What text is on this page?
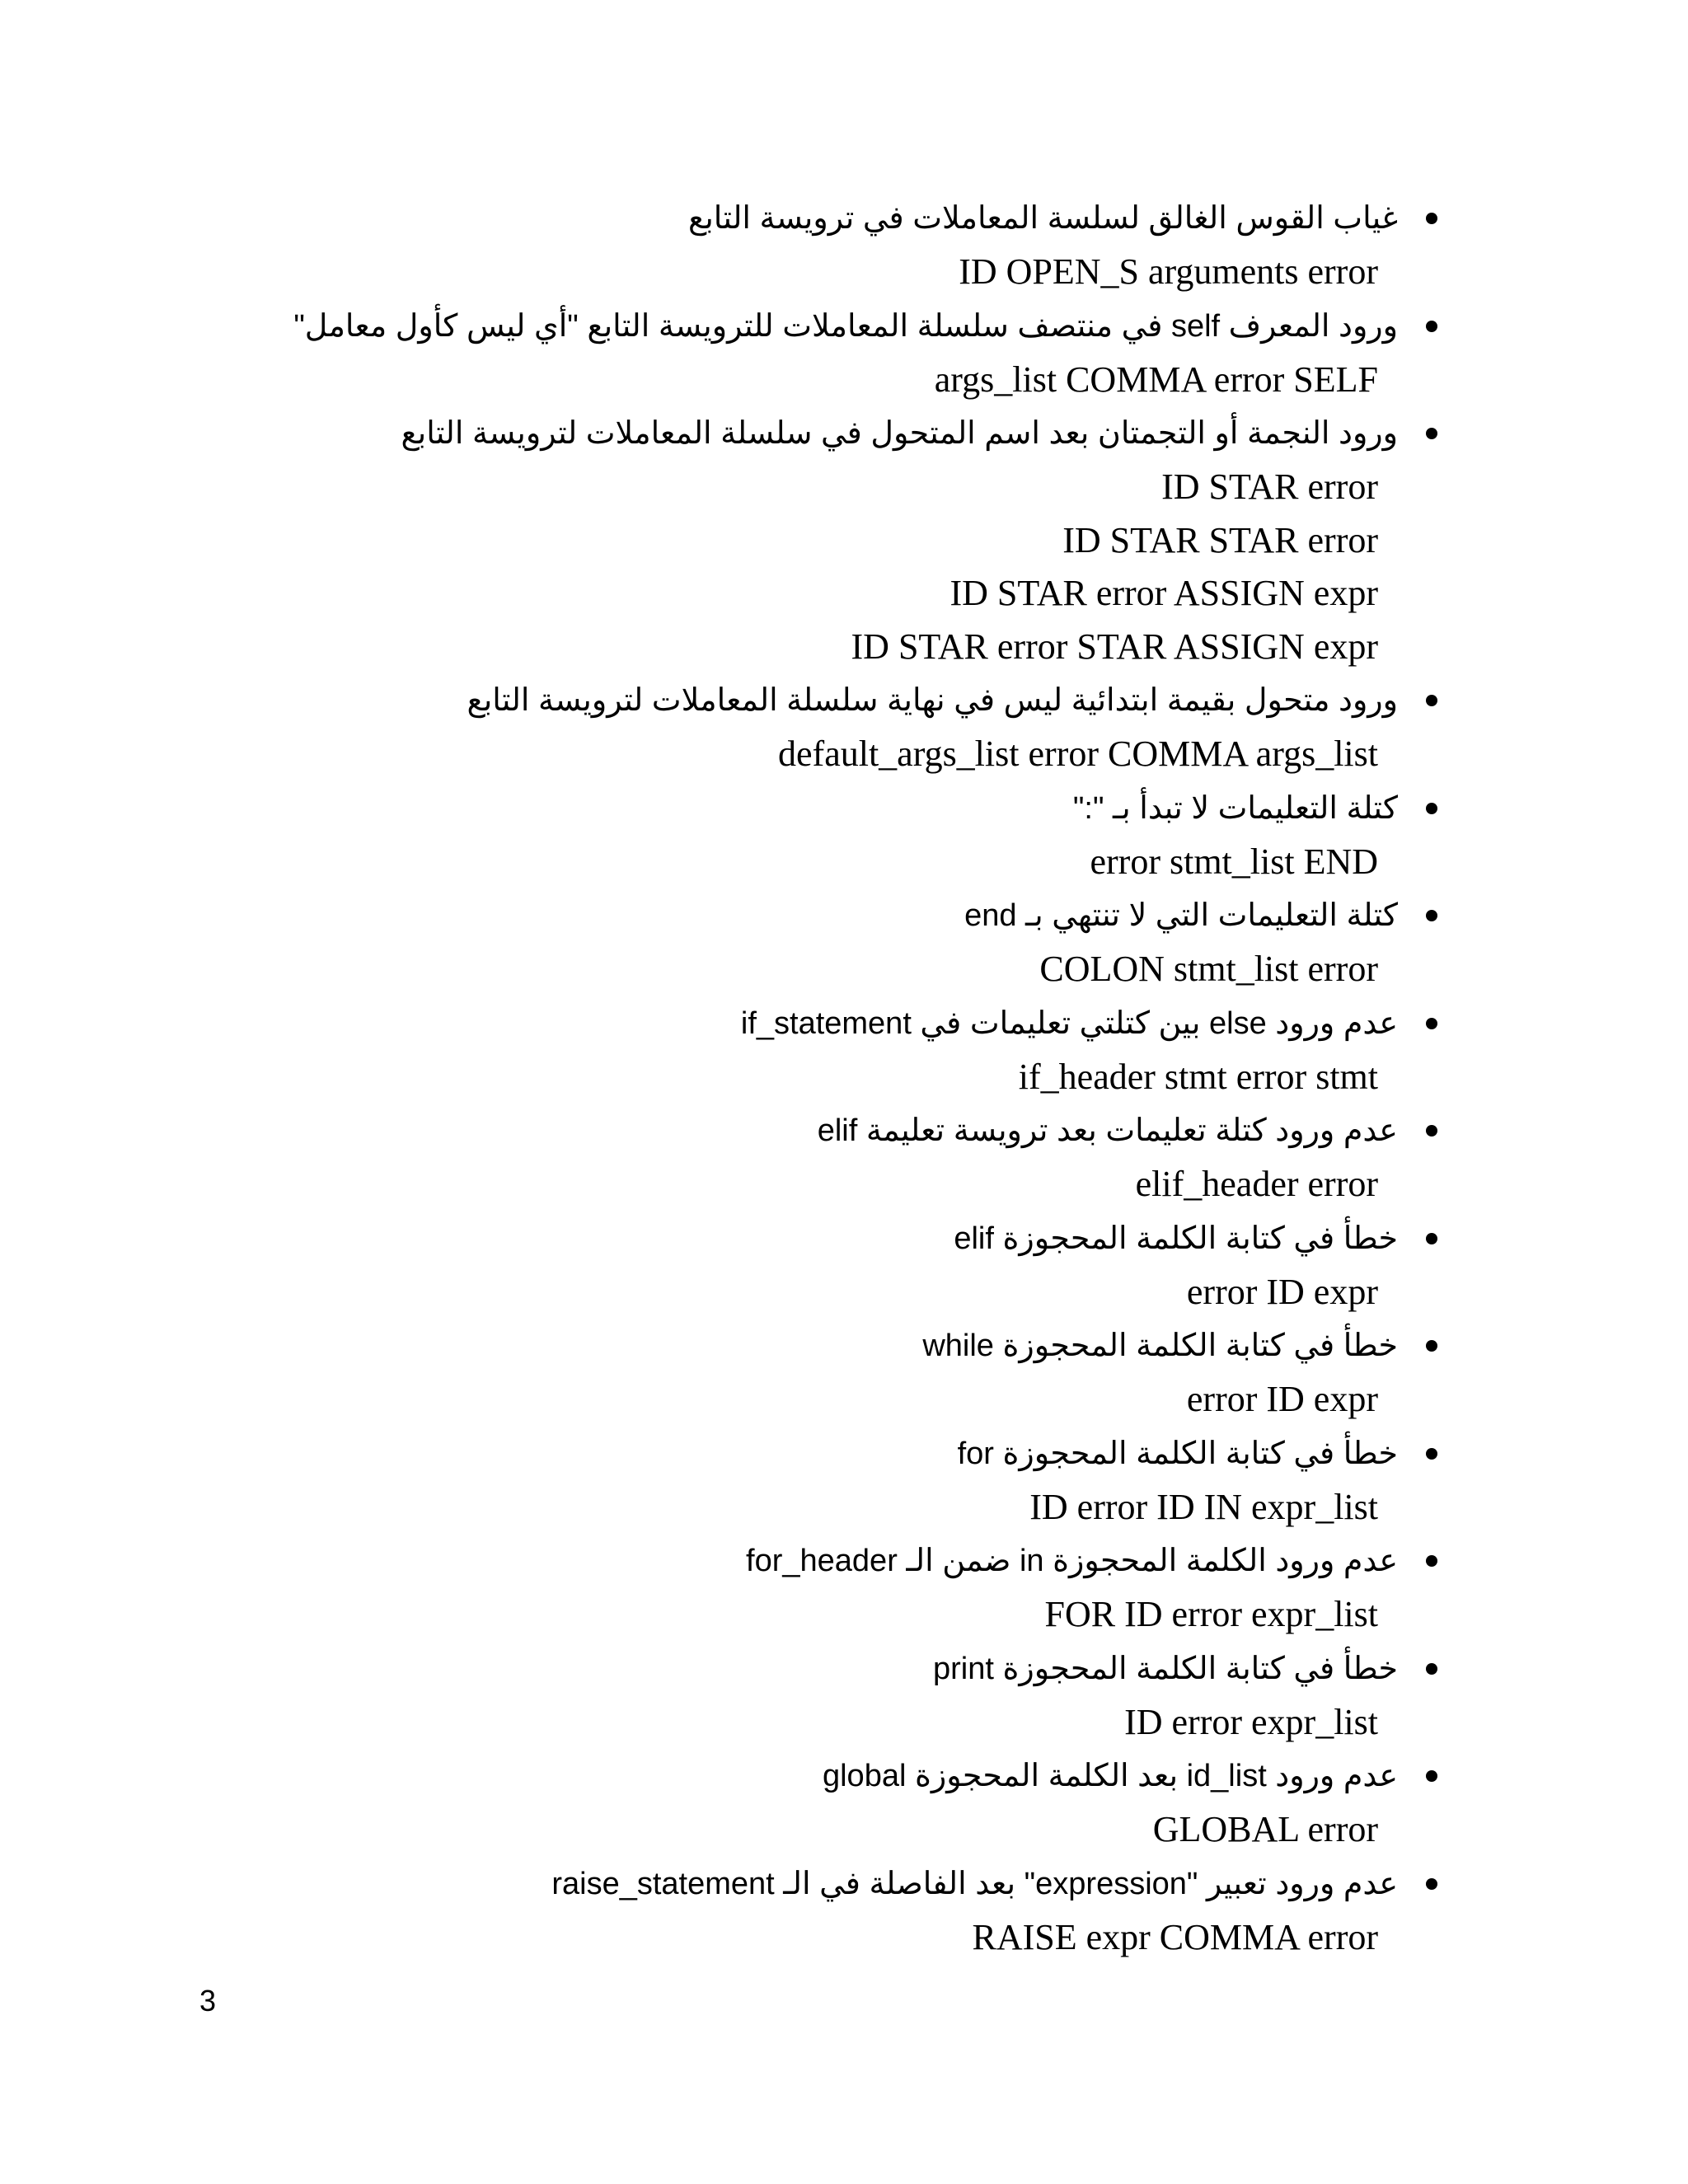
غياب القوس الغالق لسلسة المعاملات في ترويسة التابع
ID OPEN_S arguments error
ورود المعرف self في منتصف سلسلة المعاملات للترويسة التابع "أي ليس كأول معامل"
args_list COMMA error SELF
ورود النجمة أو التجمتان بعد اسم المتحول في سلسلة المعاملات لترويسة التابع
ID STAR error
ID STAR STAR error
ID STAR error ASSIGN expr
ID STAR error STAR ASSIGN expr
ورود متحول بقيمة ابتدائية ليس في نهاية سلسلة المعاملات لترويسة التابع
default_args_list error COMMA args_list
كتلة التعليمات لا تبدأ بـ ":"
error stmt_list END
كتلة التعليمات التي لا تنتهي بـ end
COLON stmt_list error
عدم ورود else بين كتلتي تعليمات في if_statement
if_header stmt error stmt
عدم ورود كتلة تعليمات بعد ترويسة تعليمة elif
elif_header error
خطأ في كتابة الكلمة المحجوزة elif
error ID expr
خطأ في كتابة الكلمة المحجوزة while
error ID expr
خطأ في كتابة الكلمة المحجوزة for
ID error ID IN expr_list
عدم ورود الكلمة المحجوزة in ضمن الـ for_header
FOR ID error expr_list
خطأ في كتابة الكلمة المحجوزة print
ID error expr_list
عدم ورود id_list بعد الكلمة المحجوزة global
GLOBAL error
عدم ورود تعبير "expression" بعد الفاصلة في الـ raise_statement
RAISE expr COMMA error
3
